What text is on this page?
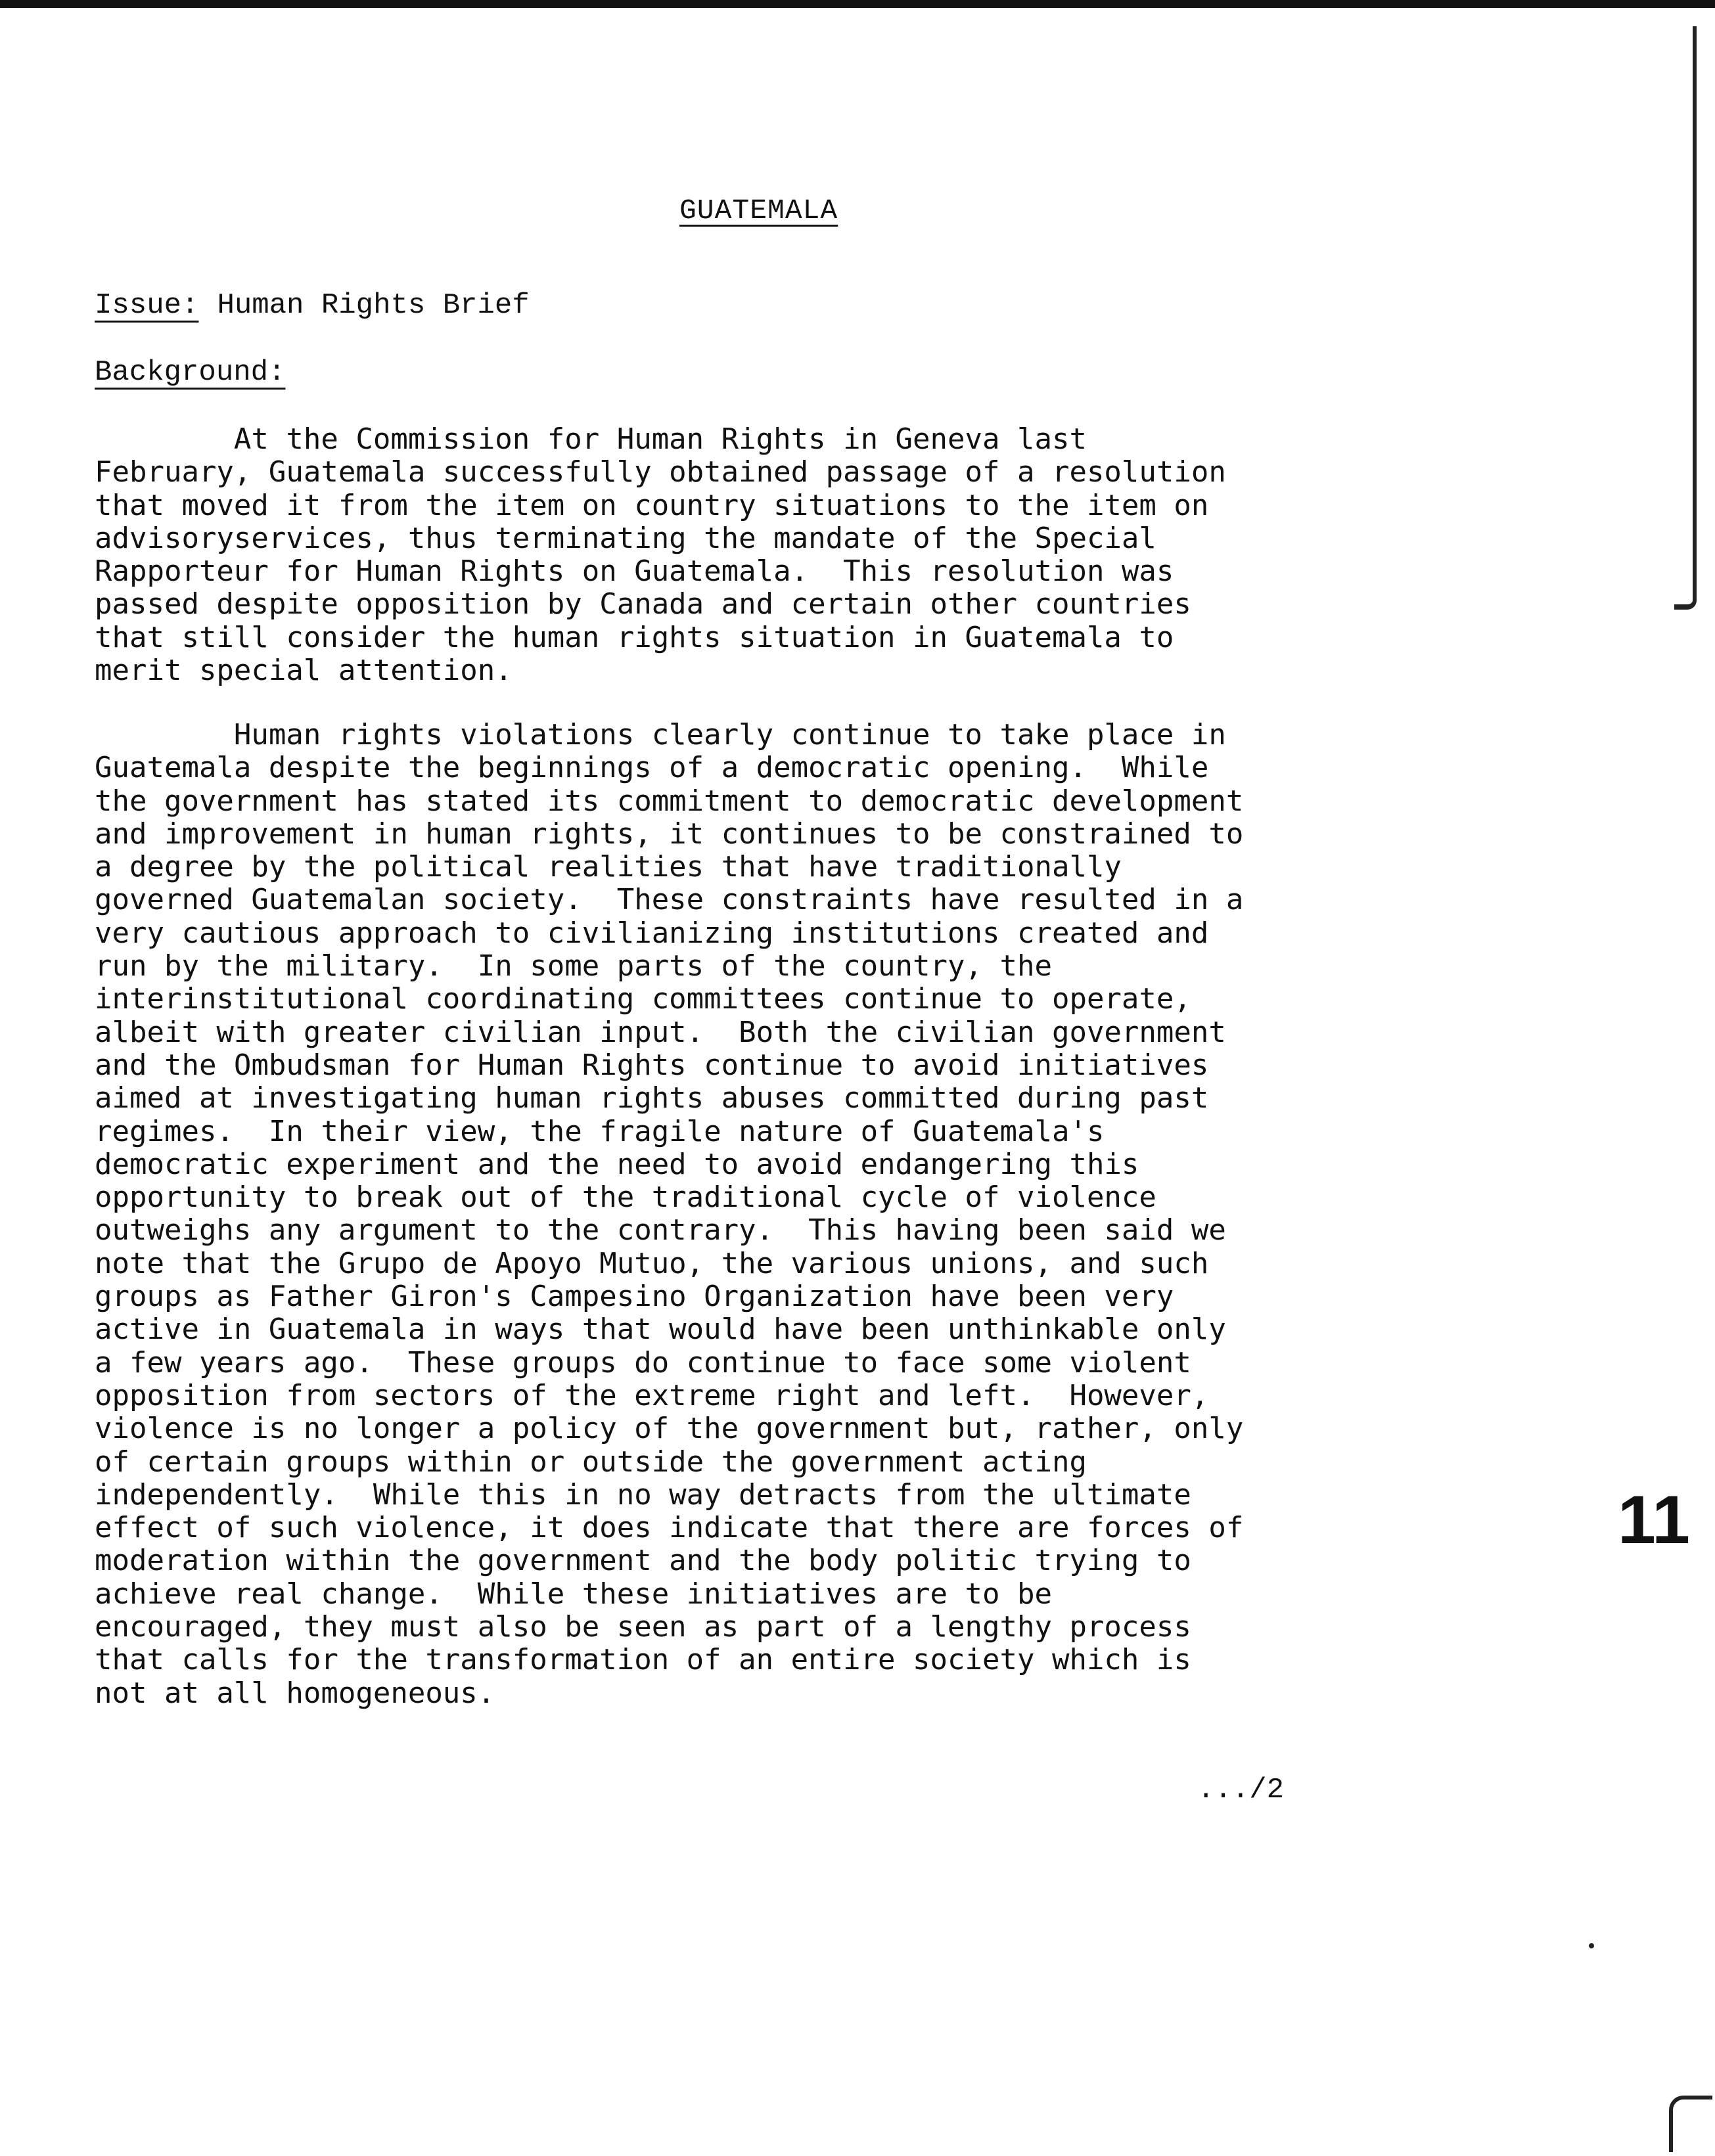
GUATEMALA
Issue: Human Rights Brief
Background:
At the Commission for Human Rights in Geneva last
February, Guatemala successfully obtained passage of a resolution
that moved it from the item on country situations to the item on
advisoryservices, thus terminating the mandate of the Special
Rapporteur for Human Rights on Guatemala.  This resolution was
passed despite opposition by Canada and certain other countries
that still consider the human rights situation in Guatemala to
merit special attention.
Human rights violations clearly continue to take place in
Guatemala despite the beginnings of a democratic opening.  While
the government has stated its commitment to democratic development
and improvement in human rights, it continues to be constrained to
a degree by the political realities that have traditionally
governed Guatemalan society.  These constraints have resulted in a
very cautious approach to civilianizing institutions created and
run by the military.  In some parts of the country, the
interinstitutional coordinating committees continue to operate,
albeit with greater civilian input.  Both the civilian government
and the Ombudsman for Human Rights continue to avoid initiatives
aimed at investigating human rights abuses committed during past
regimes.  In their view, the fragile nature of Guatemala's
democratic experiment and the need to avoid endangering this
opportunity to break out of the traditional cycle of violence
outweighs any argument to the contrary.  This having been said we
note that the Grupo de Apoyo Mutuo, the various unions, and such
groups as Father Giron's Campesino Organization have been very
active in Guatemala in ways that would have been unthinkable only
a few years ago.  These groups do continue to face some violent
opposition from sectors of the extreme right and left.  However,
violence is no longer a policy of the government but, rather, only
of certain groups within or outside the government acting
independently.  While this in no way detracts from the ultimate
effect of such violence, it does indicate that there are forces of
moderation within the government and the body politic trying to
achieve real change.  While these initiatives are to be
encouraged, they must also be seen as part of a lengthy process
that calls for the transformation of an entire society which is
not at all homogeneous.
.../2
11
